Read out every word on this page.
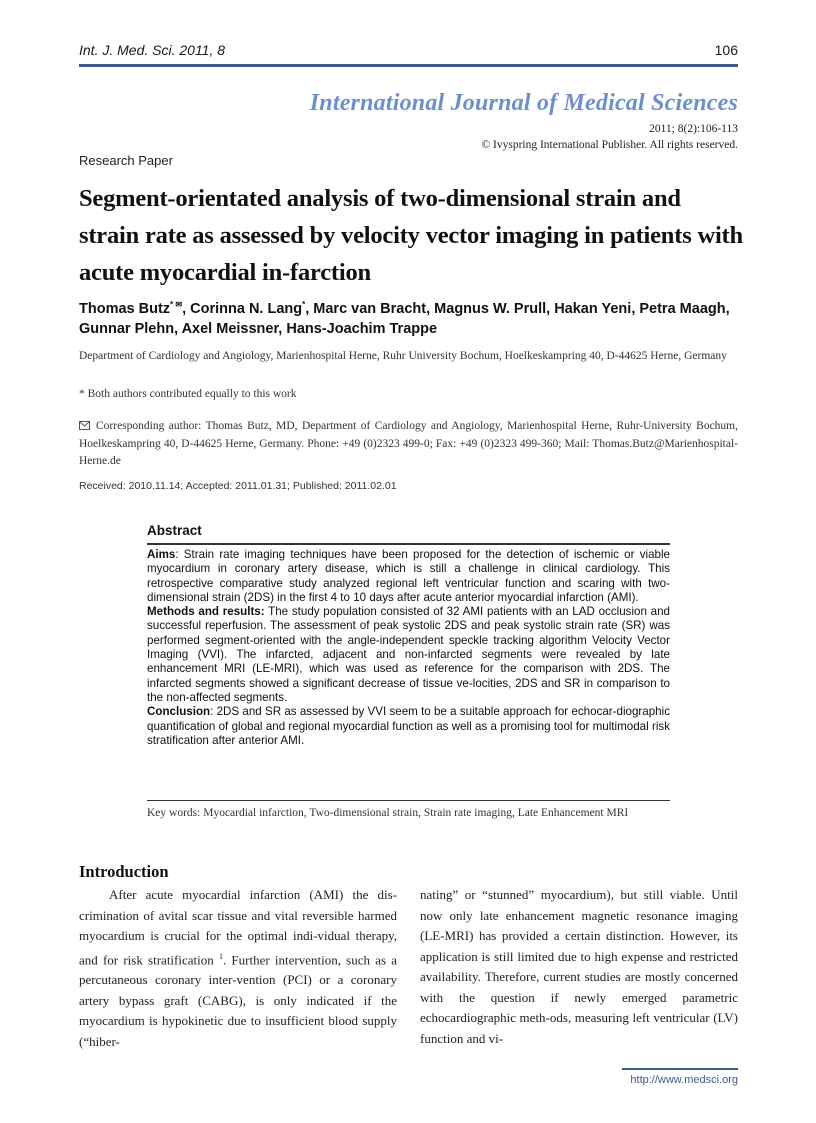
Int. J. Med. Sci. 2011, 8	106
International Journal of Medical Sciences
2011; 8(2):106-113
© Ivyspring International Publisher. All rights reserved.
Research Paper
Segment-orientated analysis of two-dimensional strain and strain rate as assessed by velocity vector imaging in patients with acute myocardial in-farction
Thomas Butz* ✉, Corinna N. Lang*, Marc van Bracht, Magnus W. Prull, Hakan Yeni, Petra Maagh, Gunnar Plehn, Axel Meissner, Hans-Joachim Trappe
Department of Cardiology and Angiology, Marienhospital Herne, Ruhr University Bochum, Hoelkeskampring 40, D-44625 Herne, Germany
* Both authors contributed equally to this work
Corresponding author: Thomas Butz, MD, Department of Cardiology and Angiology, Marienhospital Herne, Ruhr-University Bochum, Hoelkeskampring 40, D-44625 Herne, Germany. Phone: +49 (0)2323 499-0; Fax: +49 (0)2323 499-360; Mail: Thomas.Butz@Marienhospital-Herne.de
Received: 2010.11.14; Accepted: 2011.01.31; Published: 2011.02.01
Abstract

Aims: Strain rate imaging techniques have been proposed for the detection of ischemic or viable myocardium in coronary artery disease, which is still a challenge in clinical cardiology. This retrospective comparative study analyzed regional left ventricular function and scaring with two-dimensional strain (2DS) in the first 4 to 10 days after acute anterior myocardial infarction (AMI).

Methods and results: The study population consisted of 32 AMI patients with an LAD occlusion and successful reperfusion. The assessment of peak systolic 2DS and peak systolic strain rate (SR) was performed segment-oriented with the angle-independent speckle tracking algorithm Velocity Vector Imaging (VVI). The infarcted, adjacent and non-infarcted segments were revealed by late enhancement MRI (LE-MRI), which was used as reference for the comparison with 2DS. The infarcted segments showed a significant decrease of tissue ve-locities, 2DS and SR in comparison to the non-affected segments.

Conclusion: 2DS and SR as assessed by VVI seem to be a suitable approach for echocar-diographic quantification of global and regional myocardial function as well as a promising tool for multimodal risk stratification after anterior AMI.

Key words: Myocardial infarction, Two-dimensional strain, Strain rate imaging, Late Enhancement MRI
Introduction
After acute myocardial infarction (AMI) the dis-crimination of avital scar tissue and vital reversible harmed myocardium is crucial for the optimal indi-vidual therapy, and for risk stratification $^1$. Further intervention, such as a percutaneous coronary inter-vention (PCI) or a coronary artery bypass graft (CABG), is only indicated if the myocardium is hypokinetic due to insufficient blood supply (“hiber-
nating” or “stunned” myocardium), but still viable. Until now only late enhancement magnetic resonance imaging (LE-MRI) has provided a certain distinction. However, its application is still limited due to high expense and restricted availability. Therefore, current studies are mostly concerned with the question if newly emerged parametric echocardiographic meth-ods, measuring left ventricular (LV) function and vi-
http://www.medsci.org
